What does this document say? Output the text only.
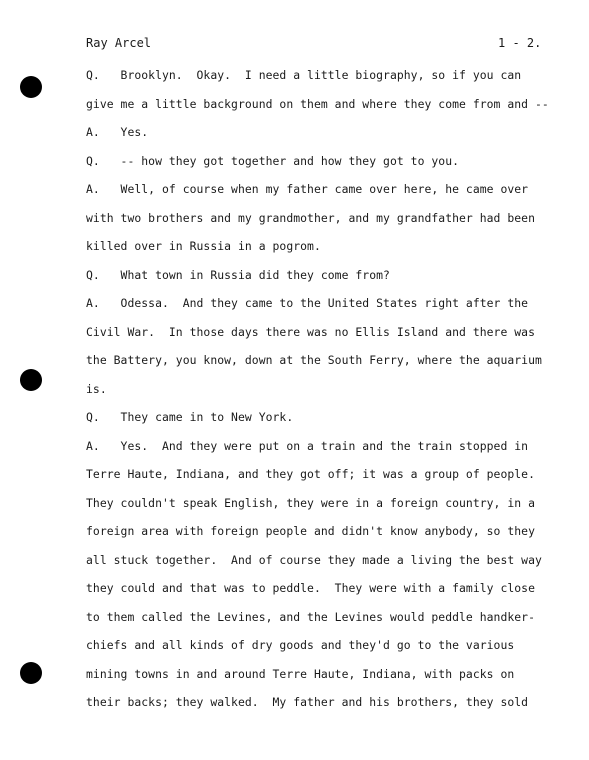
Ray Arcel	1 - 2.
Q.   Brooklyn.  Okay.  I need a little biography, so if you can
give me a little background on them and where they come from and --
A.   Yes.
Q.   -- how they got together and how they got to you.
A.   Well, of course when my father came over here, he came over
with two brothers and my grandmother, and my grandfather had been
killed over in Russia in a pogrom.
Q.   What town in Russia did they come from?
A.   Odessa.  And they came to the United States right after the
Civil War.  In those days there was no Ellis Island and there was
the Battery, you know, down at the South Ferry, where the aquarium
is.
Q.   They came in to New York.
A.   Yes.  And they were put on a train and the train stopped in
Terre Haute, Indiana, and they got off; it was a group of people.
They couldn't speak English, they were in a foreign country, in a
foreign area with foreign people and didn't know anybody, so they
all stuck together.  And of course they made a living the best way
they could and that was to peddle.  They were with a family close
to them called the Levines, and the Levines would peddle handker-
chiefs and all kinds of dry goods and they'd go to the various
mining towns in and around Terre Haute, Indiana, with packs on
their backs; they walked.  My father and his brothers, they sold
